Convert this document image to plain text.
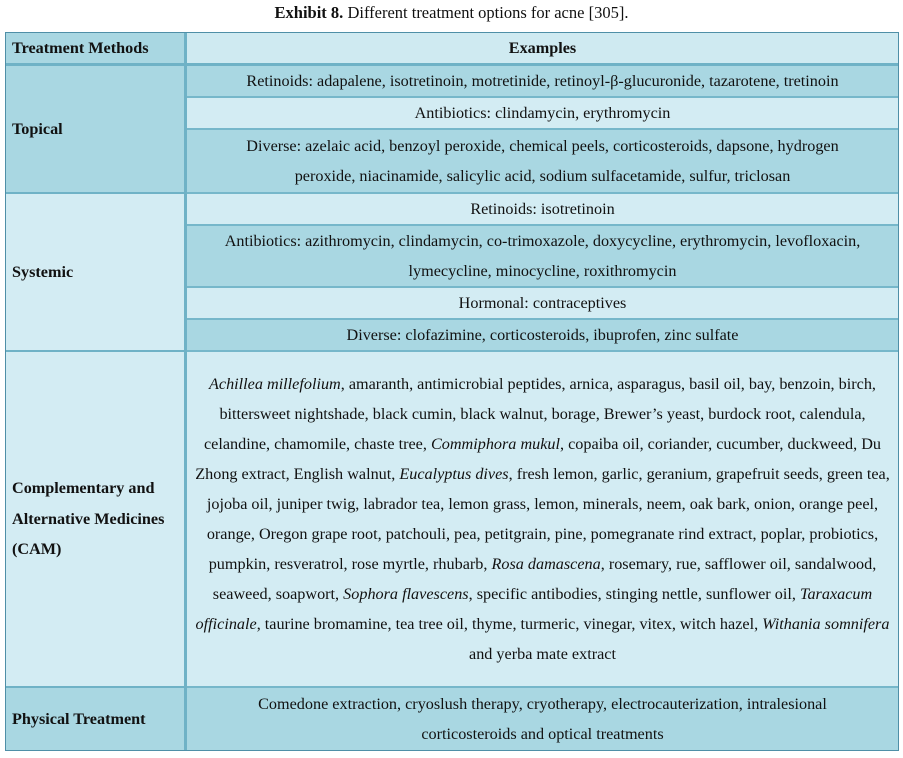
Exhibit 8. Different treatment options for acne [305].
Treatment Methods	Examples
Topical	Retinoids: adapalene, isotretinoin, motretinide, retinoyl-β-glucuronide, tazarotene, tretinoin
	Antibiotics: clindamycin, erythromycin
	Diverse: azelaic acid, benzoyl peroxide, chemical peels, corticosteroids, dapsone, hydrogen peroxide, niacinamide, salicylic acid, sodium sulfacetamide, sulfur, triclosan
Systemic	Retinoids: isotretinoin
	Antibiotics: azithromycin, clindamycin, co-trimoxazole, doxycycline, erythromycin, levofloxacin, lymecycline, minocycline, roxithromycin
	Hormonal: contraceptives
	Diverse: clofazimine, corticosteroids, ibuprofen, zinc sulfate
Complementary and Alternative Medicines (CAM)	Achillea millefolium, amaranth, antimicrobial peptides, arnica, asparagus, basil oil, bay, benzoin, birch, bittersweet nightshade, black cumin, black walnut, borage, Brewer’s yeast, burdock root, calendula, celandine, chamomile, chaste tree, Commiphora mukul, copaiba oil, coriander, cucumber, duckweed, Du Zhong extract, English walnut, Eucalyptus dives, fresh lemon, garlic, geranium, grapefruit seeds, green tea, jojoba oil, juniper twig, labrador tea, lemon grass, lemon, minerals, neem, oak bark, onion, orange peel, orange, Oregon grape root, patchouli, pea, petitgrain, pine, pomegranate rind extract, poplar, probiotics, pumpkin, resveratrol, rose myrtle, rhubarb, Rosa damascena, rosemary, rue, safflower oil, sandalwood, seaweed, soapwort, Sophora flavescens, specific antibodies, stinging nettle, sunflower oil, Taraxacum officinale, taurine bromamine, tea tree oil, thyme, turmeric, vinegar, vitex, witch hazel, Withania somnifera and yerba mate extract
Physical Treatment	Comedone extraction, cryoslush therapy, cryotherapy, electrocauterization, intralesional corticosteroids and optical treatments
